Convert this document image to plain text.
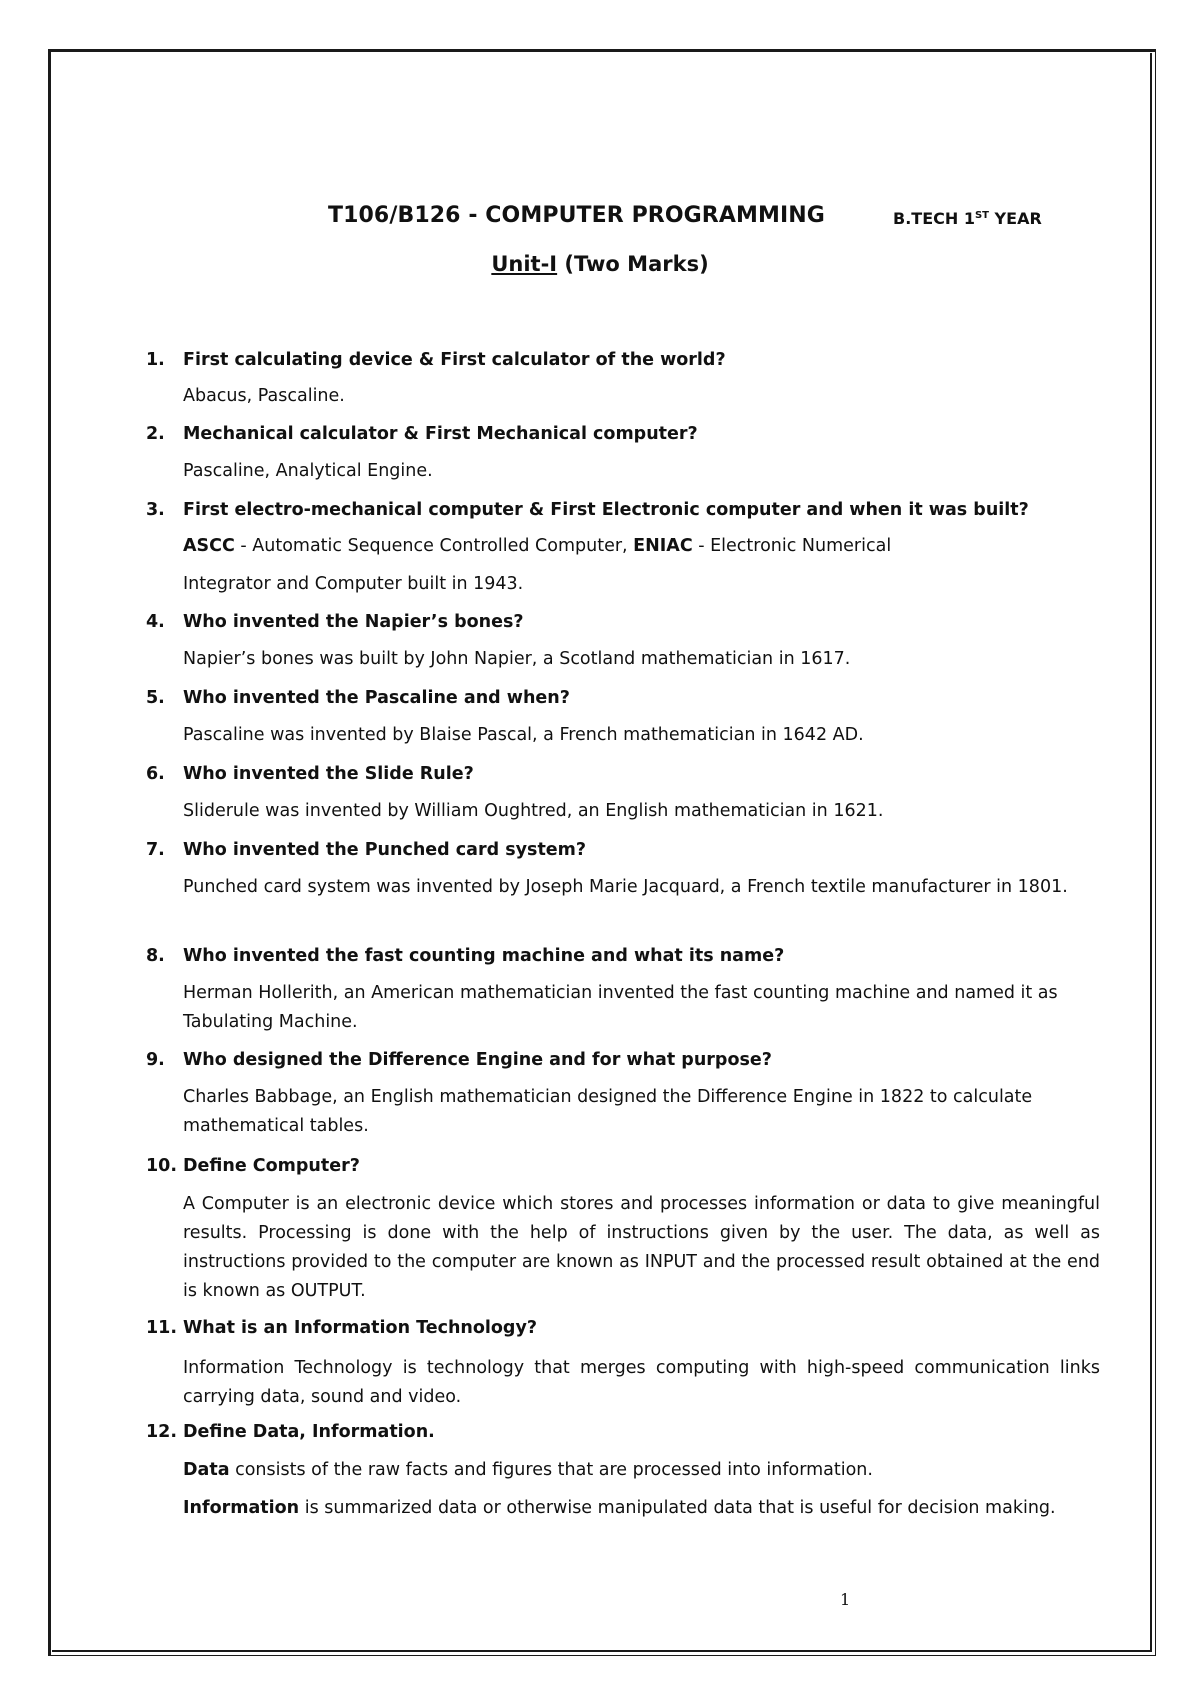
T106/B126 - COMPUTER PROGRAMMING	B.TECH 1ST YEAR
Unit-I (Two Marks)
1. First calculating device & First calculator of the world?
Abacus, Pascaline.
2. Mechanical calculator & First Mechanical computer?
Pascaline, Analytical Engine.
3. First electro-mechanical computer & First Electronic computer and when it was built?
ASCC - Automatic Sequence Controlled Computer, ENIAC - Electronic Numerical
Integrator and Computer built in 1943.
4. Who invented the Napier’s bones?
Napier’s bones was built by John Napier, a Scotland mathematician in 1617.
5. Who invented the Pascaline and when?
Pascaline was invented by Blaise Pascal, a French mathematician in 1642 AD.
6. Who invented the Slide Rule?
Sliderule was invented by William Oughtred, an English mathematician in 1621.
7. Who invented the Punched card system?
Punched card system was invented by Joseph Marie Jacquard, a French textile manufacturer in 1801.
8. Who invented the fast counting machine and what its name?
Herman Hollerith, an American mathematician invented the fast counting machine and named it as Tabulating Machine.
9. Who designed the Difference Engine and for what purpose?
Charles Babbage, an English mathematician designed the Difference Engine in 1822 to calculate mathematical tables.
10. Define Computer?
A Computer is an electronic device which stores and processes information or data to give meaningful results. Processing is done with the help of instructions given by the user. The data, as well as instructions provided to the computer are known as INPUT and the processed result obtained at the end is known as OUTPUT.
11. What is an Information Technology?
Information Technology is technology that merges computing with high-speed communication links carrying data, sound and video.
12. Define Data, Information.
Data consists of the raw facts and figures that are processed into information.
Information is summarized data or otherwise manipulated data that is useful for decision making.
1
